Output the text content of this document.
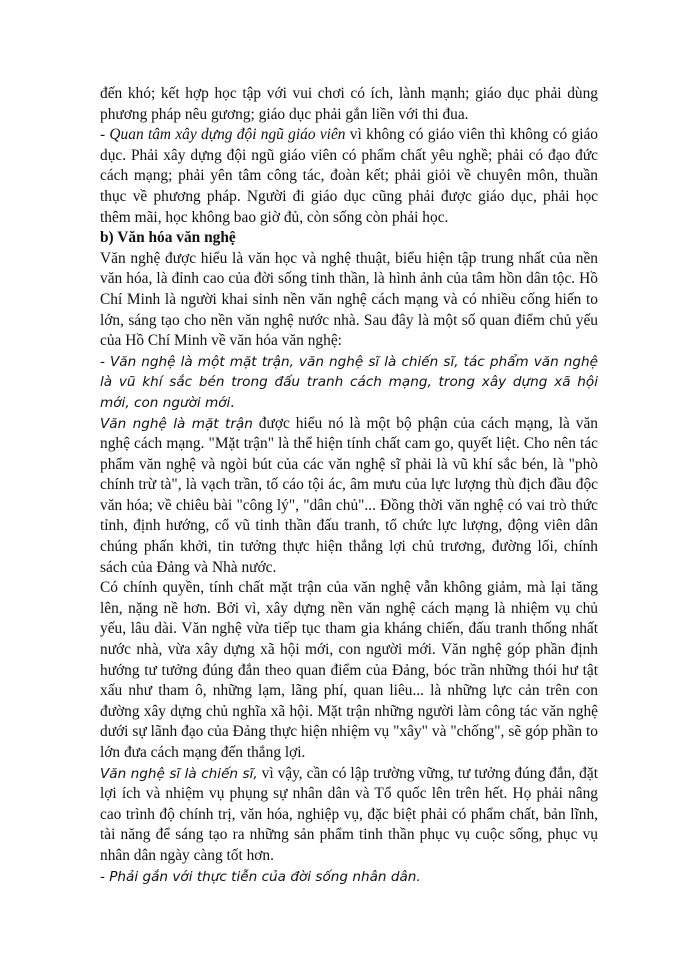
đến khó; kết hợp học tập với vui chơi có ích, lành mạnh; giáo dục phải dùng phương pháp nêu gương; giáo dục phải gắn liền với thi đua.

- Quan tâm xây dựng đội ngũ giáo viên vì không có giáo viên thì không có giáo dục. Phải xây dựng đội ngũ giáo viên có phẩm chất yêu nghề; phải có đạo đức cách mạng; phải yên tâm công tác, đoàn kết; phải giỏi về chuyên môn, thuần thục về phương pháp. Người đi giáo dục cũng phải được giáo dục, phải học thêm mãi, học không bao giờ đủ, còn sống còn phải học.

b) Văn hóa văn nghệ

Văn nghệ được hiểu là văn học và nghệ thuật, biểu hiện tập trung nhất của nền văn hóa, là đỉnh cao của đời sống tinh thần, là hình ảnh của tâm hồn dân tộc. Hồ Chí Minh là người khai sinh nền văn nghệ cách mạng và có nhiều cống hiến to lớn, sáng tạo cho nền văn nghệ nước nhà. Sau đây là một số quan điểm chủ yếu của Hồ Chí Minh về văn hóa văn nghệ:

- Văn nghệ là một mặt trận, văn nghệ sĩ là chiến sĩ, tác phẩm văn nghệ là vũ khí sắc bén trong đấu tranh cách mạng, trong xây dựng xã hội mới, con người mới.

Văn nghệ là mặt trận được hiểu nó là một bộ phận của cách mạng, là văn nghệ cách mạng. "Mặt trận" là thể hiện tính chất cam go, quyết liệt. Cho nên tác phẩm văn nghệ và ngòi bút của các văn nghệ sĩ phải là vũ khí sắc bén, là "phò chính trừ tà", là vạch trần, tố cáo tội ác, âm mưu của lực lượng thù địch đầu độc văn hóa; về chiêu bài "công lý", "dân chủ"... Đồng thời văn nghệ có vai trò thức tỉnh, định hướng, cổ vũ tinh thần đấu tranh, tổ chức lực lượng, động viên dân chúng phấn khởi, tin tưởng thực hiện thắng lợi chủ trương, đường lối, chính sách của Đảng và Nhà nước.

Có chính quyền, tính chất mặt trận của văn nghệ vẫn không giảm, mà lại tăng lên, nặng nề hơn. Bởi vì, xây dựng nền văn nghệ cách mạng là nhiệm vụ chủ yếu, lâu dài. Văn nghệ vừa tiếp tục tham gia kháng chiến, đấu tranh thống nhất nước nhà, vừa xây dựng xã hội mới, con người mới. Văn nghệ góp phần định hướng tư tưởng đúng đắn theo quan điểm của Đảng, bóc trần những thói hư tật xấu như tham ô, những lạm, lãng phí, quan liêu... là những lực cản trên con đường xây dựng chủ nghĩa xã hội. Mặt trận những người làm công tác văn nghệ dưới sự lãnh đạo của Đảng thực hiện nhiệm vụ "xây" và "chống", sẽ góp phần to lớn đưa cách mạng đến thắng lợi.

Văn nghệ sĩ là chiến sĩ, vì vậy, cần có lập trường vững, tư tưởng đúng đắn, đặt lợi ích và nhiệm vụ phụng sự nhân dân và Tổ quốc lên trên hết. Họ phải nâng cao trình độ chính trị, văn hóa, nghiệp vụ, đặc biệt phải có phẩm chất, bản lĩnh, tài năng để sáng tạo ra những sản phẩm tinh thần phục vụ cuộc sống, phục vụ nhân dân ngày càng tốt hơn.

- Phải gắn với thực tiễn của đời sống nhân dân.
